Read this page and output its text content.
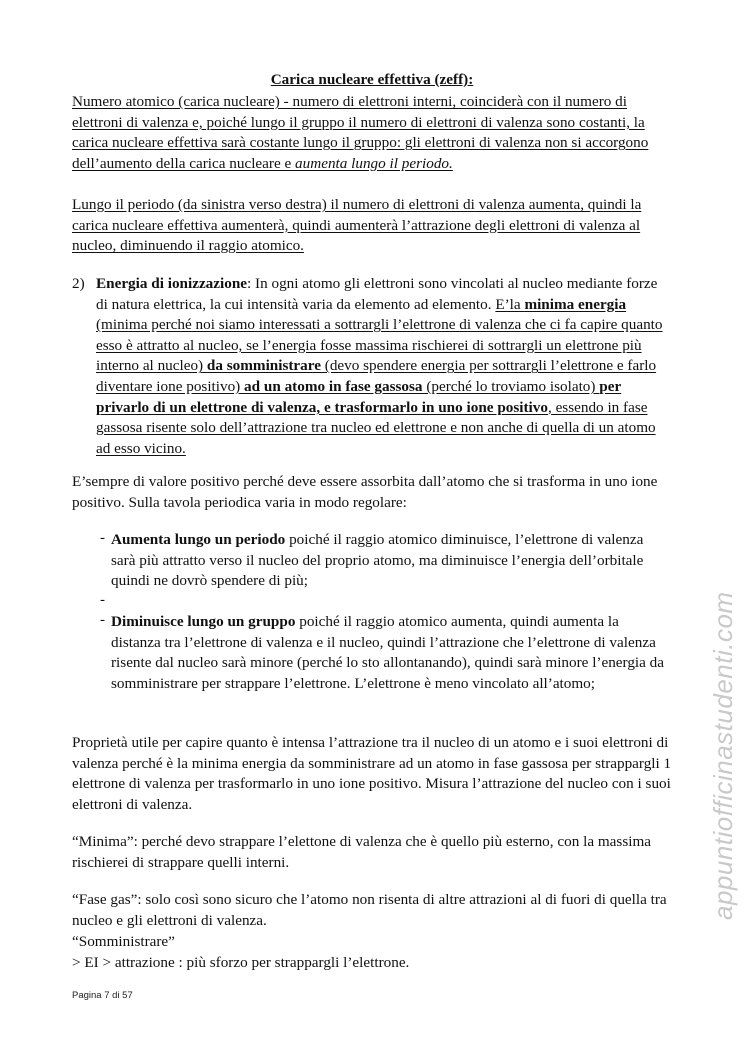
Carica nucleare effettiva (zeff):

Numero atomico (carica nucleare) - numero di elettroni interni, coinciderà con il numero di elettroni di valenza e, poiché lungo il gruppo il numero di elettroni di valenza sono costanti, la carica nucleare effettiva sarà costante lungo il gruppo: gli elettroni di valenza non si accorgono dell’aumento della carica nucleare e aumenta lungo il periodo.

Lungo il periodo (da sinistra verso destra) il numero di elettroni di valenza aumenta, quindi la carica nucleare effettiva aumenterà, quindi aumenterà l’attrazione degli elettroni di valenza al nucleo, diminuendo il raggio atomico.

2) Energia di ionizzazione: In ogni atomo gli elettroni sono vincolati al nucleo mediante forze di natura elettrica, la cui intensità varia da elemento ad elemento. E’la minima energia (minima perché noi siamo interessati a sottrargli l’elettrone di valenza che ci fa capire quanto esso è attratto al nucleo, se l’energia fosse massima rischierei di sottrargli un elettrone più interno al nucleo) da somministrare (devo spendere energia per sottrargli l’elettrone e farlo diventare ione positivo) ad un atomo in fase gassosa (perché lo troviamo isolato) per privarlo di un elettrone di valenza, e trasformarlo in uno ione positivo, essendo in fase gassosa risente solo dell’attrazione tra nucleo ed elettrone e non anche di quella di un atomo ad esso vicino.

E’sempre di valore positivo perché deve essere assorbita dall’atomo che si trasforma in uno ione positivo. Sulla tavola periodica varia in modo regolare:

- Aumenta lungo un periodo poiché il raggio atomico diminuisce, l’elettrone di valenza sarà più attratto verso il nucleo del proprio atomo, ma diminuisce l’energia dell’orbitale quindi ne dovrò spendere di più;

-

- Diminuisce lungo un gruppo poiché il raggio atomico aumenta, quindi aumenta la distanza tra l’elettrone di valenza e il nucleo, quindi l’attrazione che l’elettrone di valenza risente dal nucleo sarà minore (perché lo sto allontanando), quindi sarà minore l’energia da somministrare per strappare l’elettrone. L’elettrone è meno vincolato all’atomo;

Proprietà utile per capire quanto è intensa l’attrazione tra il nucleo di un atomo e i suoi elettroni di valenza perché è la minima energia da somministrare ad un atomo in fase gassosa per strappargli 1 elettrone di valenza per trasformarlo in uno ione positivo. Misura l’attrazione del nucleo con i suoi elettroni di valenza.

“Minima”: perché devo strappare l’elettone di valenza che è quello più esterno, con la massima rischierei di strappare quelli interni.

“Fase gas”: solo così sono sicuro che l’atomo non risenta di altre attrazioni al di fuori di quella tra nucleo e gli elettroni di valenza.

“Somministrare”

> EI > attrazione : più sforzo per strappargli l’elettrone.

Pagina 7 di 57
appuntiofficinastudenti.com
